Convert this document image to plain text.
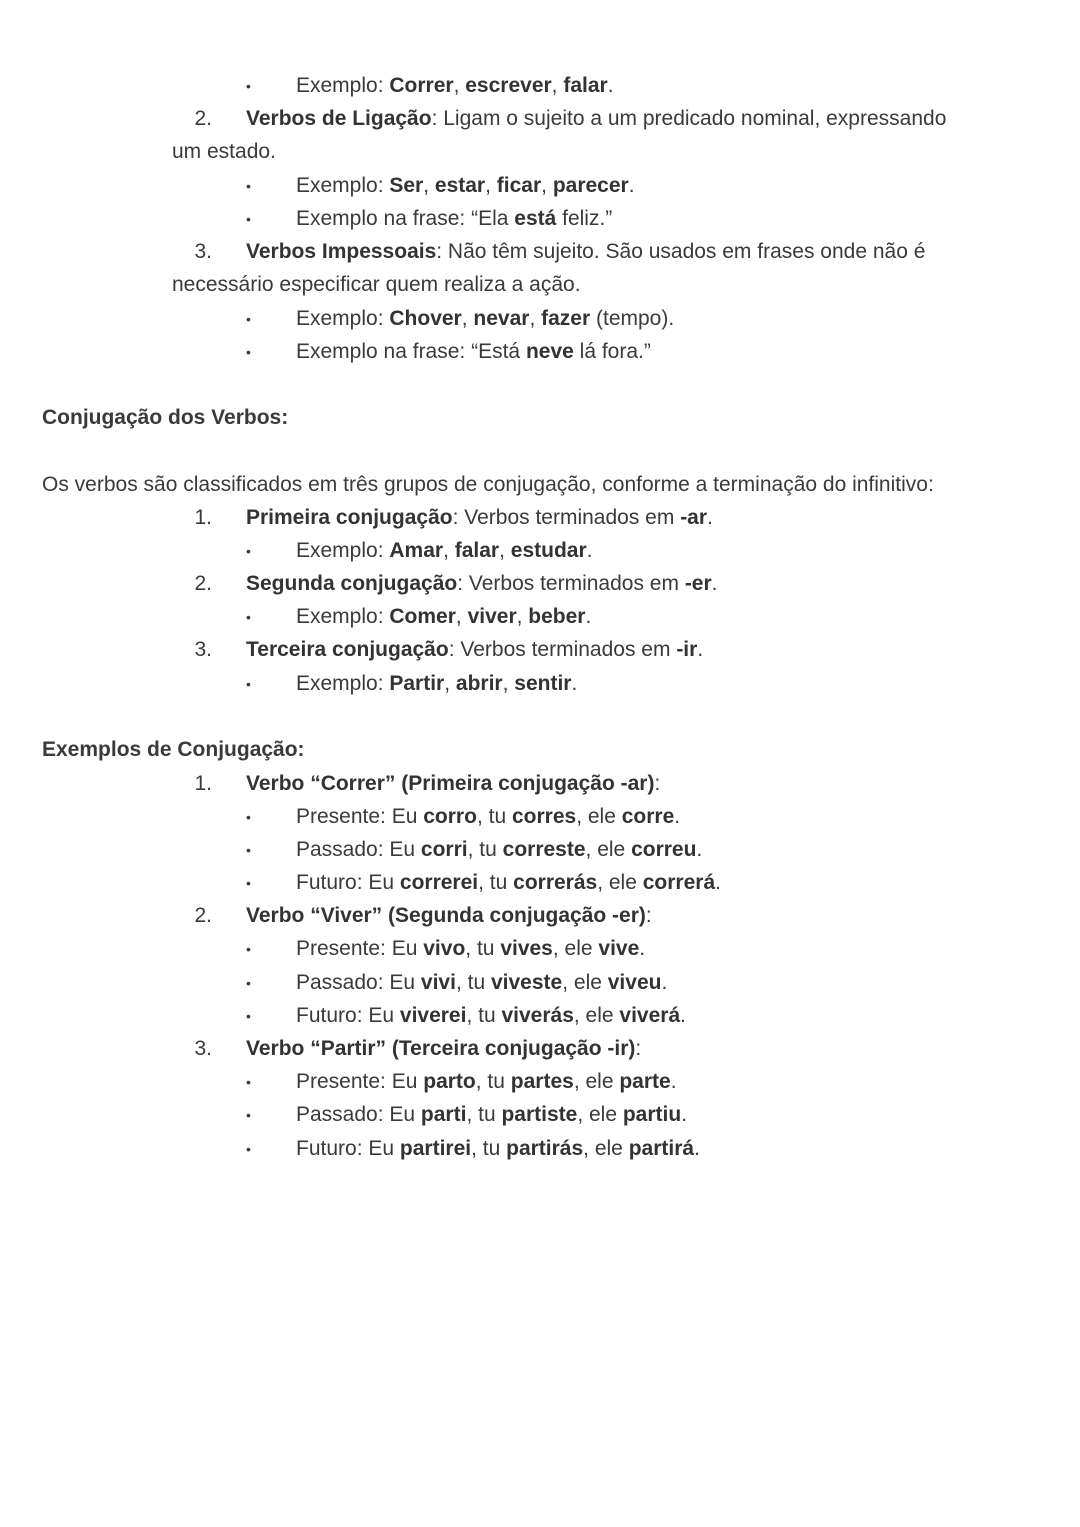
• Exemplo: Correr, escrever, falar.
2. Verbos de Ligação: Ligam o sujeito a um predicado nominal, expressando
um estado.
• Exemplo: Ser, estar, ficar, parecer.
• Exemplo na frase: “Ela está feliz.”
3. Verbos Impessoais: Não têm sujeito. São usados em frases onde não é
necessário especificar quem realiza a ação.
• Exemplo: Chover, nevar, fazer (tempo).
• Exemplo na frase: “Está neve lá fora.”
Conjugação dos Verbos:
Os verbos são classificados em três grupos de conjugação, conforme a terminação do infinitivo:
1. Primeira conjugação: Verbos terminados em -ar.
• Exemplo: Amar, falar, estudar.
2. Segunda conjugação: Verbos terminados em -er.
• Exemplo: Comer, viver, beber.
3. Terceira conjugação: Verbos terminados em -ir.
• Exemplo: Partir, abrir, sentir.
Exemplos de Conjugação:
1. Verbo “Correr” (Primeira conjugação -ar):
• Presente: Eu corro, tu corres, ele corre.
• Passado: Eu corri, tu correste, ele correu.
• Futuro: Eu correrei, tu correrás, ele correrá.
2. Verbo “Viver” (Segunda conjugação -er):
• Presente: Eu vivo, tu vives, ele vive.
• Passado: Eu vivi, tu viveste, ele viveu.
• Futuro: Eu viverei, tu viverás, ele viverá.
3. Verbo “Partir” (Terceira conjugação -ir):
• Presente: Eu parto, tu partes, ele parte.
• Passado: Eu parti, tu partiste, ele partiu.
• Futuro: Eu partirei, tu partirás, ele partirá.
